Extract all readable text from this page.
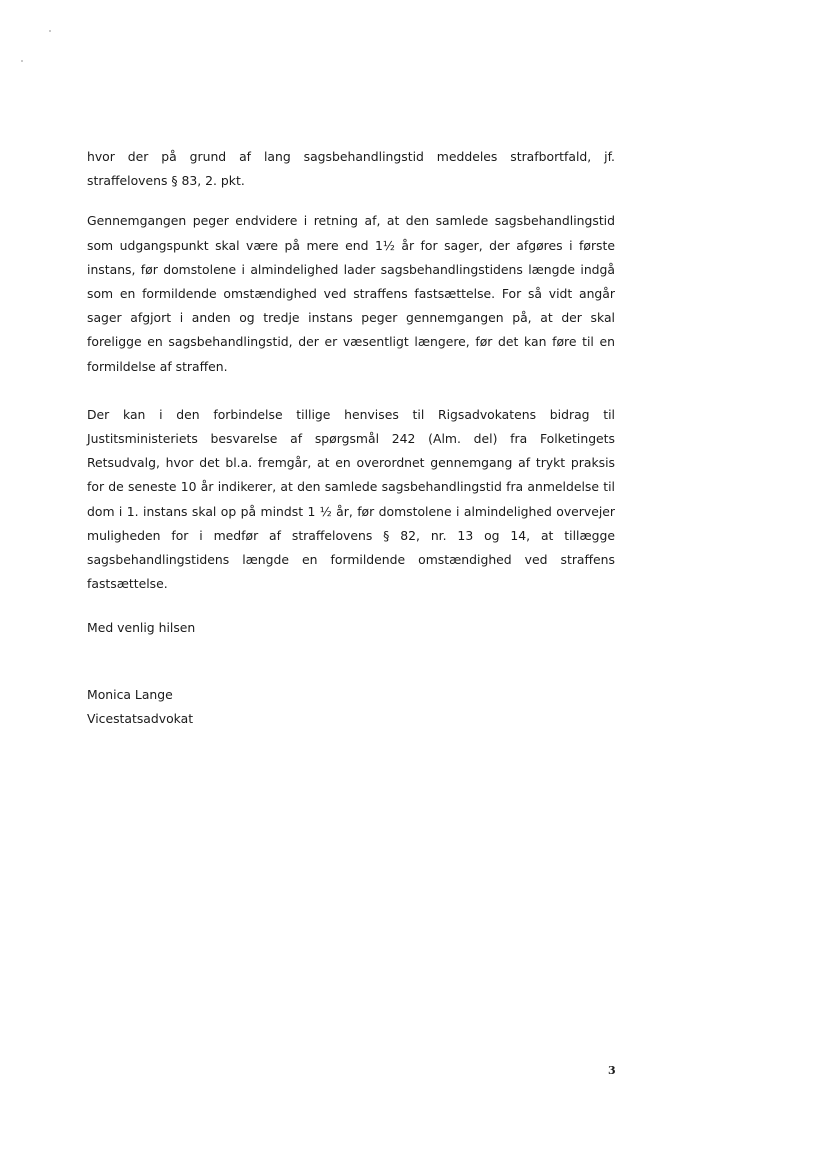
hvor der på grund af lang sagsbehandlingstid meddeles strafbortfald, jf. straffelovens § 83, 2. pkt.

Gennemgangen peger endvidere i retning af, at den samlede sagsbehandlingstid som udgangspunkt skal være på mere end 1½ år for sager, der afgøres i første instans, før domstolene i almindelighed lader sagsbehandlingstidens længde indgå som en formildende omstændighed ved straffens fastsættelse. For så vidt angår sager afgjort i anden og tredje instans peger gennemgangen på, at der skal foreligge en sagsbehandlingstid, der er væsentligt længere, før det kan føre til en formildelse af straffen.

Der kan i den forbindelse tillige henvises til Rigsadvokatens bidrag til Justitsministeriets besvarelse af spørgsmål 242 (Alm. del) fra Folketingets Retsudvalg, hvor det bl.a. fremgår, at en overordnet gennemgang af trykt praksis for de seneste 10 år indikerer, at den samlede sagsbehandlingstid fra anmeldelse til dom i 1. instans skal op på mindst 1 ½ år, før domstolene i almindelighed overvejer muligheden for i medfør af straffelovens § 82, nr. 13 og 14, at tillægge sagsbehandlingstidens længde en formildende omstændighed ved straffens fastsættelse.

Med venlig hilsen

Monica Lange
Vicestatsadvokat
3
